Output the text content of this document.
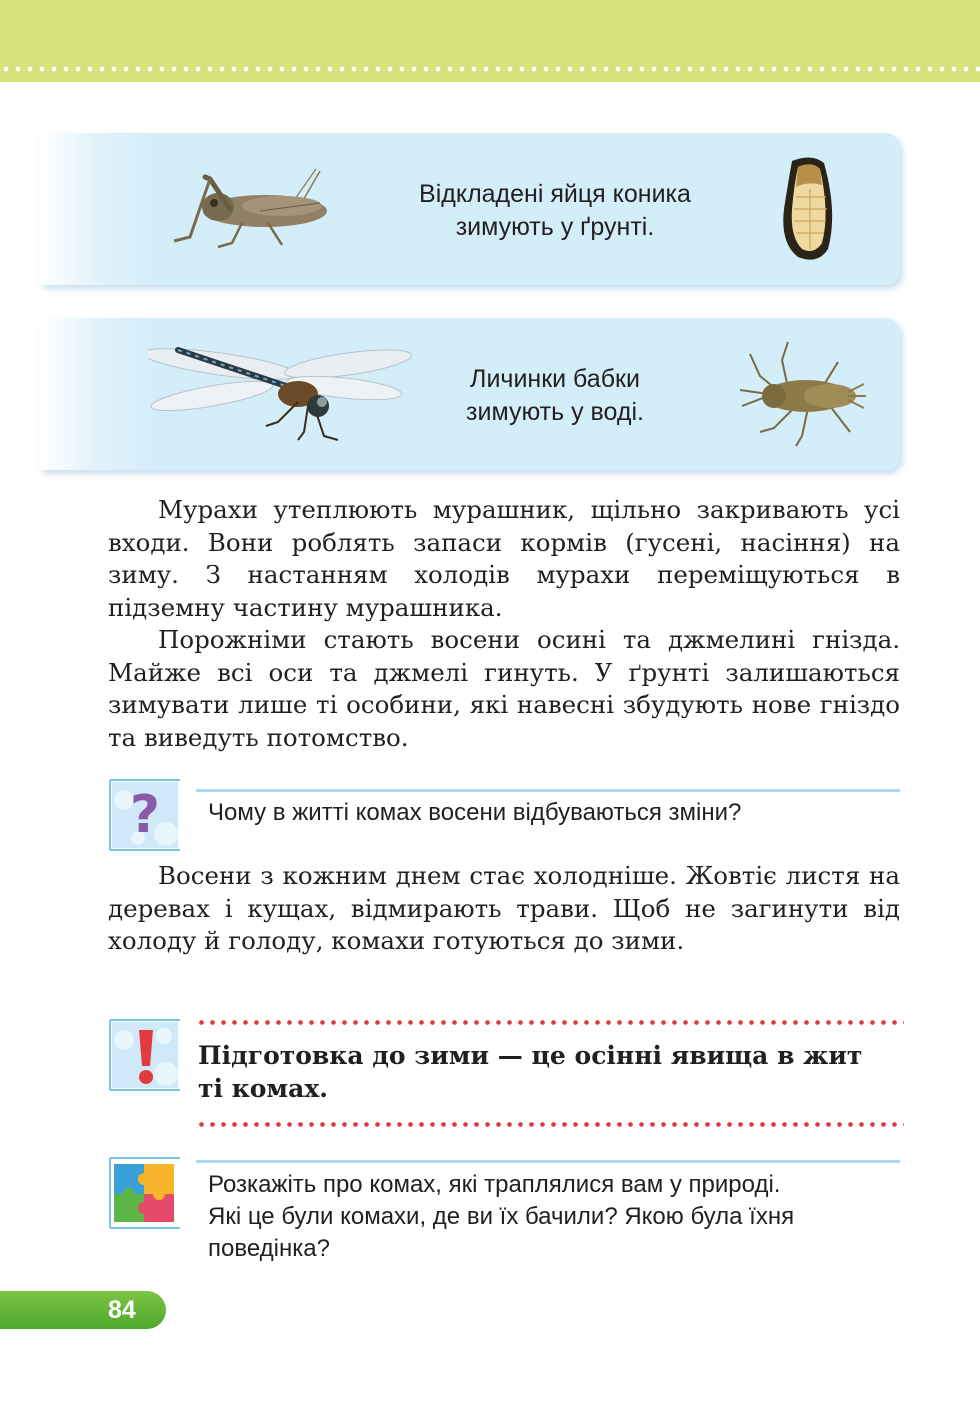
Відкладені яйця коника
зимують у ґрунті.
Личинки бабки
зимують у воді.

Мурахи утеплюють мурашник, щільно закривають усі входи. Вони роблять запаси кормів (гусені, насіння) на зиму. З настанням холодів мурахи переміщуються в підземну частину мурашника.

Порожніми стають восени осині та джмелині гнізда. Майже всі оси та джмелі гинуть. У ґрунті залишаються зимувати лише ті особини, які навесні збудують нове гніздо та виведуть потомство.

? Чому в житті комах восени відбуваються зміни?

Восени з кожним днем стає холодніше. Жовтіє листя на деревах і кущах, відмирають трави. Щоб не загинути від холоду й голоду, комахи готуються до зими.

Підготовка до зими — це осінні явища в жит
ті комах.
Розкажіть про комах, які траплялися вам у природі.
Які це були комахи, де ви їх бачили? Якою була їхня
поведінка?
84
